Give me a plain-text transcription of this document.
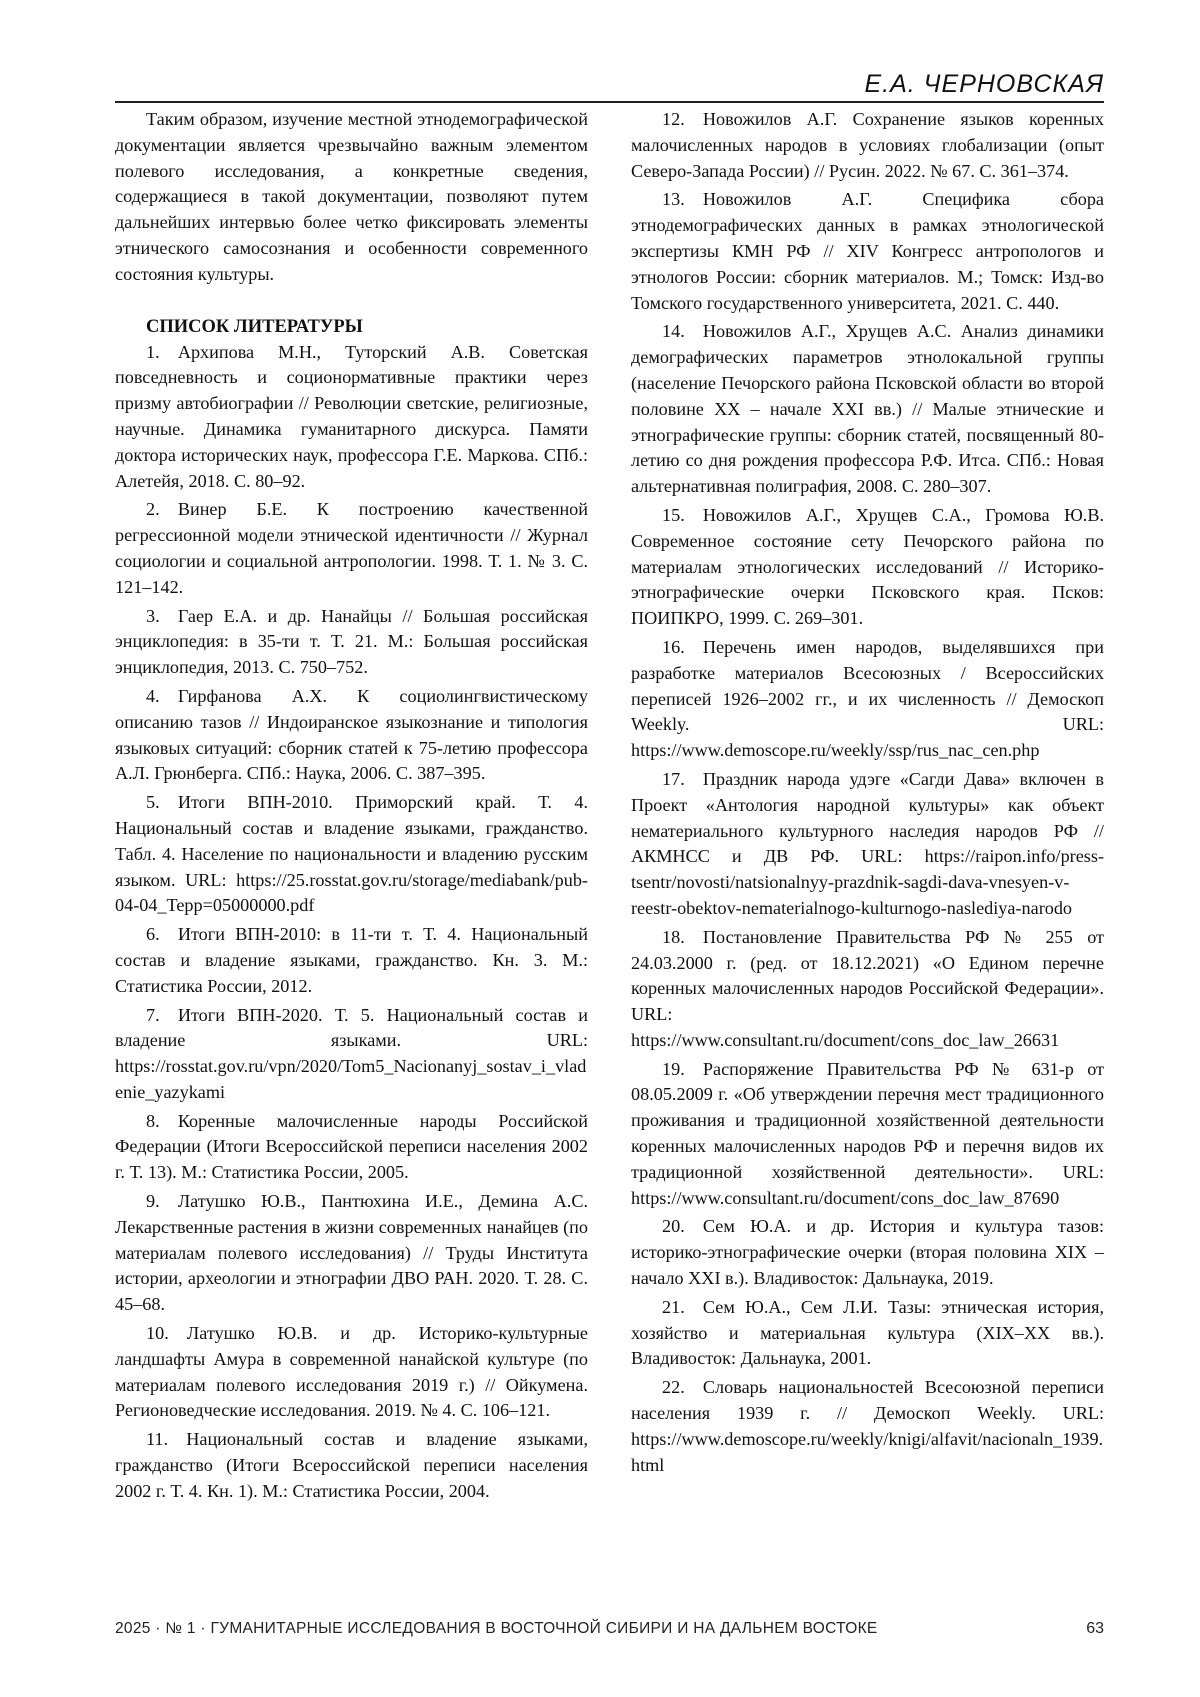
Е.А. ЧЕРНОВСКАЯ

Таким образом, изучение местной этнодемографической документации является чрезвычайно важным элементом полевого исследования, а конкретные сведения, содержащиеся в такой документации, позволяют путем дальнейших интервью более четко фиксировать элементы этнического самосознания и особенности современного состояния культуры.

СПИСОК ЛИТЕРАТУРЫ

1. Архипова М.Н., Туторский А.В. Советская повседневность и соционормативные практики через призму автобиографии // Революции светские, религиозные, научные. Динамика гуманитарного дискурса. Памяти доктора исторических наук, профессора Г.Е. Маркова. СПб.: Алетейя, 2018. С. 80–92.

2. Винер Б.Е. К построению качественной регрессионной модели этнической идентичности // Журнал социологии и социальной антропологии. 1998. Т. 1. № 3. С. 121–142.

3. Гаер Е.А. и др. Нанайцы // Большая российская энциклопедия: в 35-ти т. Т. 21. М.: Большая российская энциклопедия, 2013. С. 750–752.

4. Гирфанова А.Х. К социолингвистическому описанию тазов // Индоиранское языкознание и типология языковых ситуаций: сборник статей к 75-летию профессора А.Л. Грюнберга. СПб.: Наука, 2006. С. 387–395.

5. Итоги ВПН-2010. Приморский край. Т. 4. Национальный состав и владение языками, гражданство. Табл. 4. Население по национальности и владению русским языком. URL: https://25.rosstat.gov.ru/storage/mediabank/pub-04-04_Tepp=05000000.pdf

6. Итоги ВПН-2010: в 11-ти т. Т. 4. Национальный состав и владение языками, гражданство. Кн. 3. М.: Статистика России, 2012.

7. Итоги ВПН-2020. Т. 5. Национальный состав и владение языками. URL: https://rosstat.gov.ru/vpn/2020/Tom5_Nacionanyj_sostav_i_vladenie_yazykami

8. Коренные малочисленные народы Российской Федерации (Итоги Всероссийской переписи населения 2002 г. Т. 13). М.: Статистика России, 2005.

9. Латушко Ю.В., Пантюхина И.Е., Демина А.С. Лекарственные растения в жизни современных нанайцев (по материалам полевого исследования) // Труды Института истории, археологии и этнографии ДВО РАН. 2020. Т. 28. С. 45–68.

10. Латушко Ю.В. и др. Историко-культурные ландшафты Амура в современной нанайской культуре (по материалам полевого исследования 2019 г.) // Ойкумена. Регионоведческие исследования. 2019. № 4. С. 106–121.

11. Национальный состав и владение языками, гражданство (Итоги Всероссийской переписи населения 2002 г. Т. 4. Кн. 1). М.: Статистика России, 2004.

12. Новожилов А.Г. Сохранение языков коренных малочисленных народов в условиях глобализации (опыт Северо-Запада России) // Русин. 2022. № 67. С. 361–374.

13. Новожилов А.Г. Специфика сбора этнодемографических данных в рамках этнологической экспертизы КМН РФ // XIV Конгресс антропологов и этнологов России: сборник материалов. М.; Томск: Изд-во Томского государственного университета, 2021. С. 440.

14. Новожилов А.Г., Хрущев А.С. Анализ динамики демографических параметров этнолокальной группы (население Печорского района Псковской области во второй половине XX – начале XXI вв.) // Малые этнические и этнографические группы: сборник статей, посвященный 80-летию со дня рождения профессора Р.Ф. Итса. СПб.: Новая альтернативная полиграфия, 2008. С. 280–307.

15. Новожилов А.Г., Хрущев С.А., Громова Ю.В. Современное состояние сету Печорского района по материалам этнологических исследований // Историко-этнографические очерки Псковского края. Псков: ПОИПКРО, 1999. С. 269–301.

16. Перечень имен народов, выделявшихся при разработке материалов Всесоюзных / Всероссийских переписей 1926–2002 гг., и их численность // Демоскоп Weekly. URL: https://www.demoscope.ru/weekly/ssp/rus_nac_cen.php

17. Праздник народа удэге «Сагди Дава» включен в Проект «Антология народной культуры» как объект нематериального культурного наследия народов РФ // АКМНСС и ДВ РФ. URL: https://raipon.info/press-tsentr/novosti/natsionalnyy-prazdnik-sagdi-dava-vnesyen-v-reestr-obektov-nematerialnogo-kulturnogo-naslediya-narodo

18. Постановление Правительства РФ № 255 от 24.03.2000 г. (ред. от 18.12.2021) «О Едином перечне коренных малочисленных народов Российской Федерации». URL: https://www.consultant.ru/document/cons_doc_law_26631

19. Распоряжение Правительства РФ № 631-р от 08.05.2009 г. «Об утверждении перечня мест традиционного проживания и традиционной хозяйственной деятельности коренных малочисленных народов РФ и перечня видов их традиционной хозяйственной деятельности». URL: https://www.consultant.ru/document/cons_doc_law_87690

20. Сем Ю.А. и др. История и культура тазов: историко-этнографические очерки (вторая половина XIX – начало XXI в.). Владивосток: Дальнаука, 2019.

21. Сем Ю.А., Сем Л.И. Тазы: этническая история, хозяйство и материальная культура (XIX–XX вв.). Владивосток: Дальнаука, 2001.

22. Словарь национальностей Всесоюзной переписи населения 1939 г. // Демоскоп Weekly. URL: https://www.demoscope.ru/weekly/knigi/alfavit/nacionaln_1939.html

2025 · № 1 · ГУМАНИТАРНЫЕ ИССЛЕДОВАНИЯ В ВОСТОЧНОЙ СИБИРИ И НА ДАЛЬНЕМ ВОСТОКЕ	63
